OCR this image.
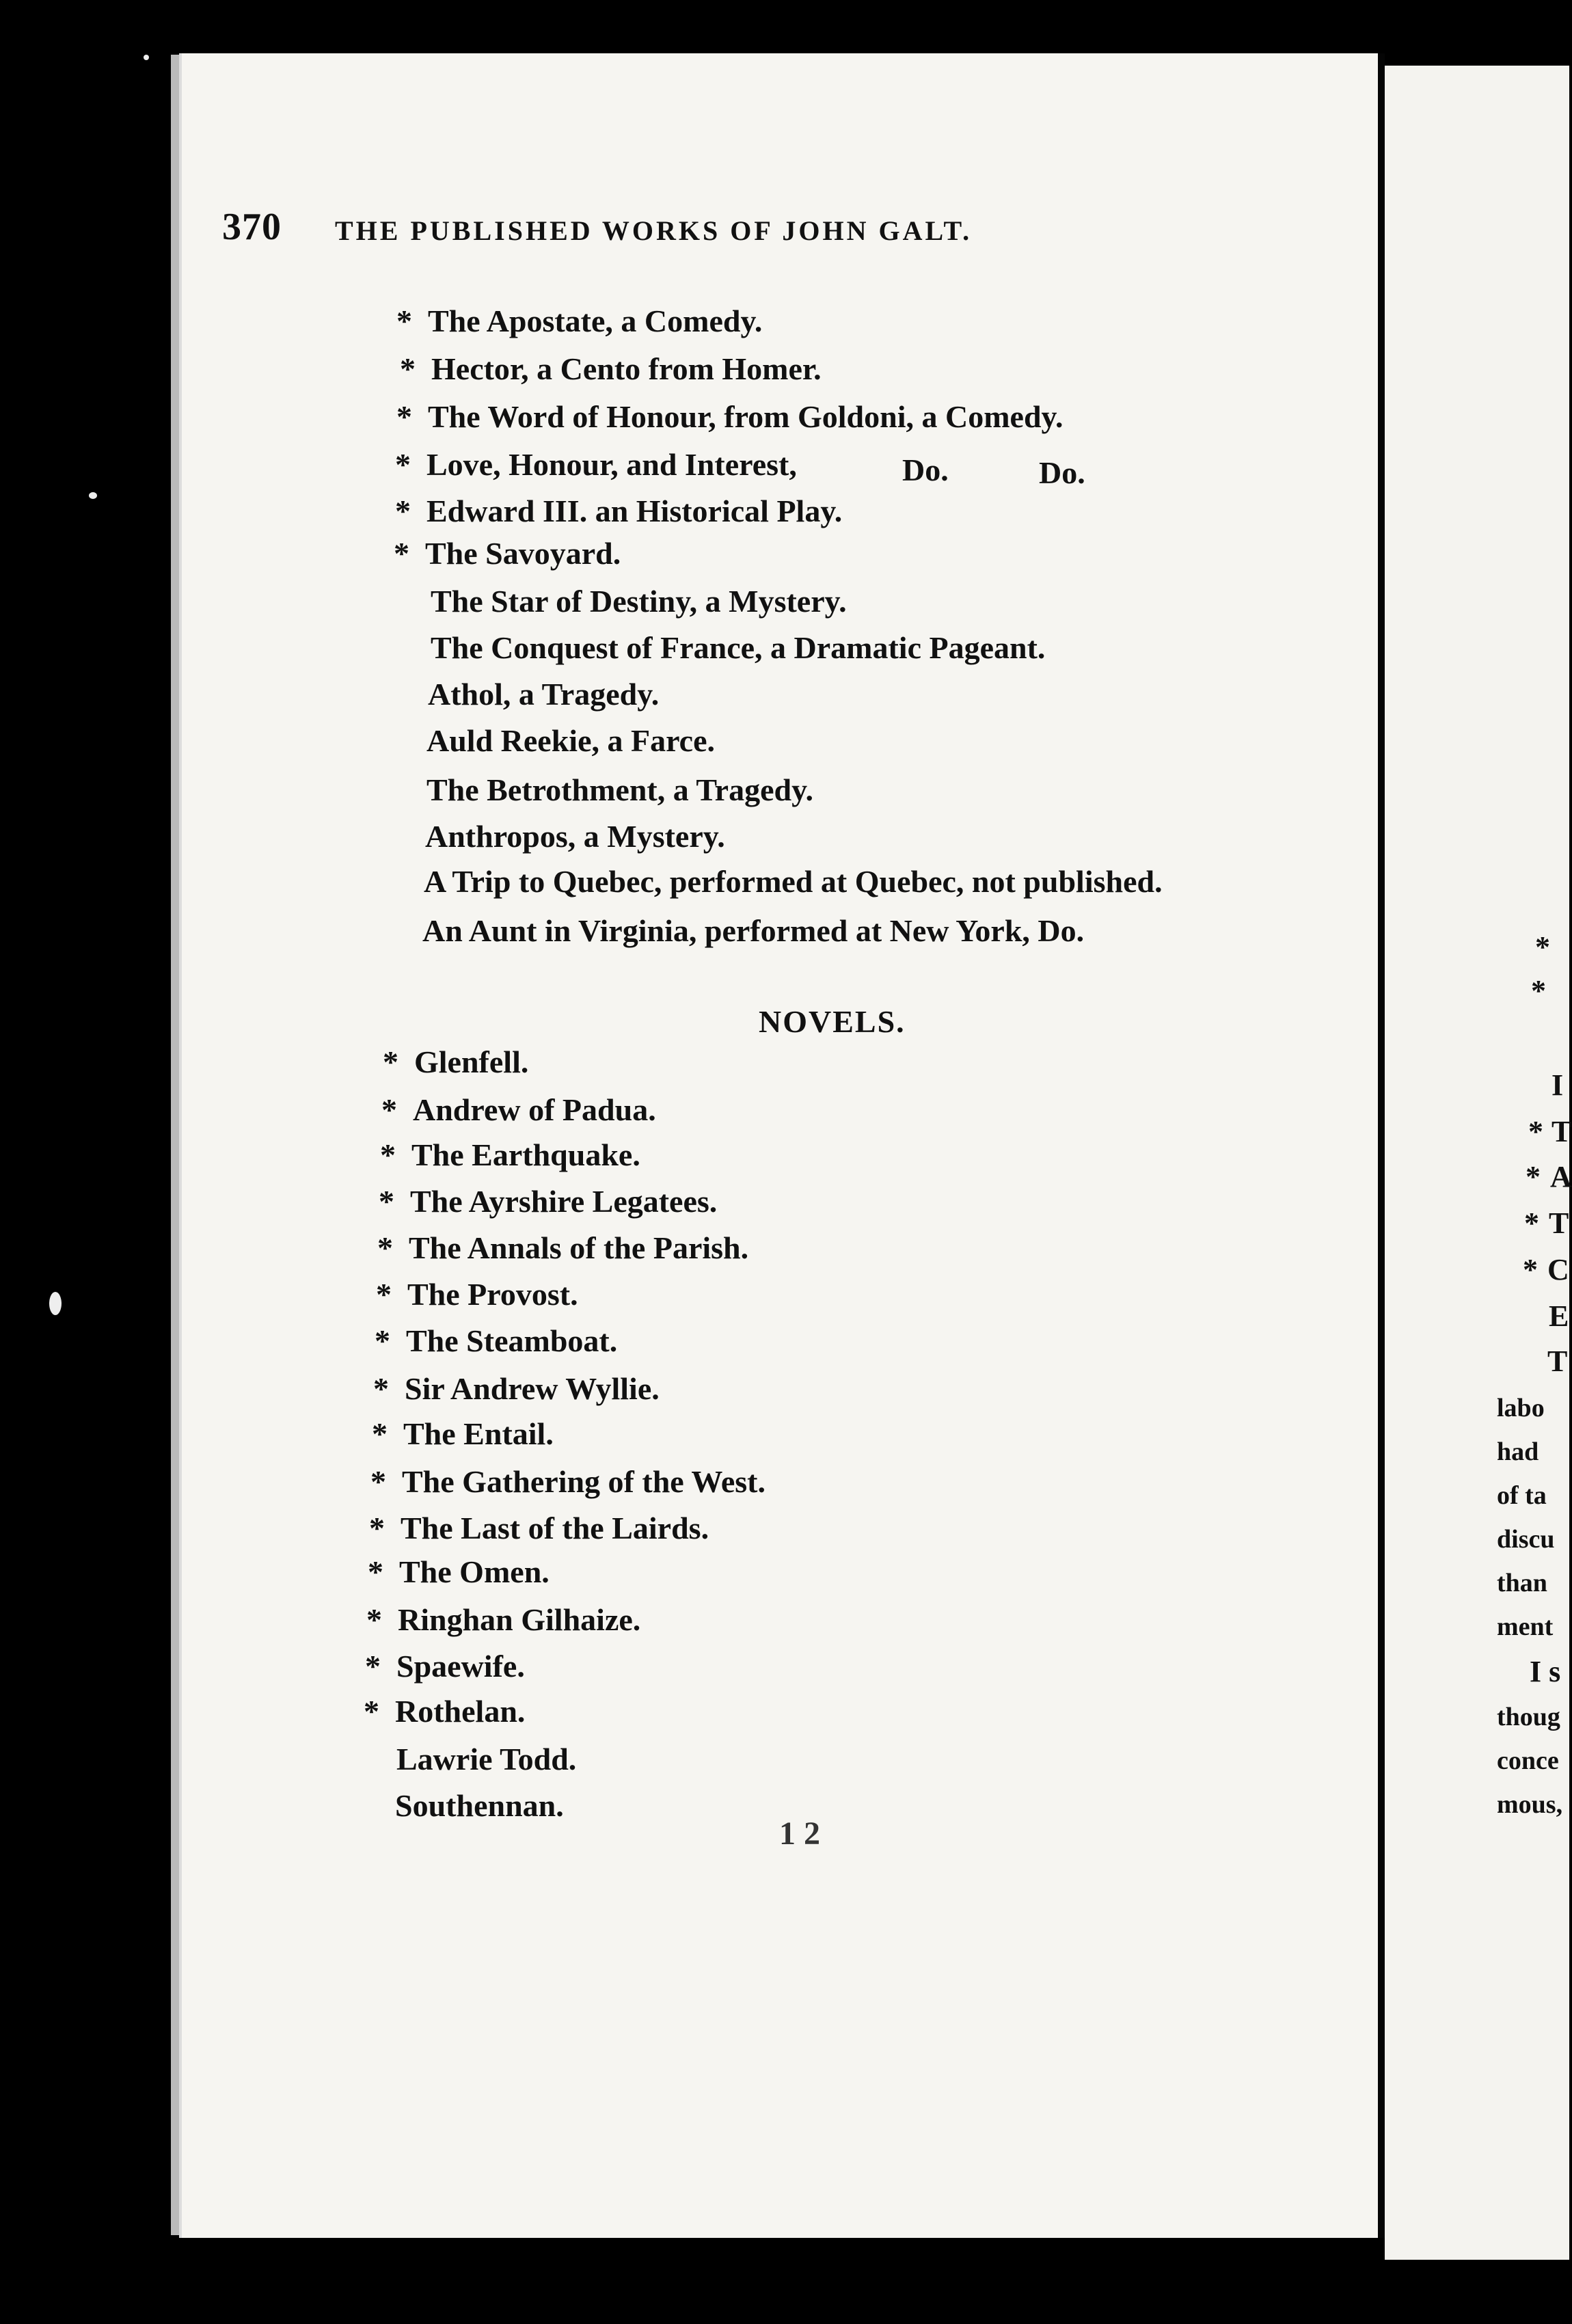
370 THE PUBLISHED WORKS OF JOHN GALT.
* The Apostate, a Comedy.
* Hector, a Cento from Homer.
* The Word of Honour, from Goldoni, a Comedy.
* Love, Honour, and Interest,	Do.	Do.
* Edward III. an Historical Play.
* The Savoyard.
The Star of Destiny, a Mystery.
The Conquest of France, a Dramatic Pageant.
Athol, a Tragedy.
Auld Reekie, a Farce.
The Betrothment, a Tragedy.
Anthropos, a Mystery.
A Trip to Quebec, performed at Quebec, not published.
An Aunt in Virginia, performed at New York, Do.
NOVELS.
* Glenfell.
* Andrew of Padua.
* The Earthquake.
* The Ayrshire Legatees.
* The Annals of the Parish.
* The Provost.
* The Steamboat.
* Sir Andrew Wyllie.
* The Entail.
* The Gathering of the West.
* The Last of the Lairds.
* The Omen.
* Ringhan Gilhaize.
* Spaewife.
* Rothelan.
Lawrie Todd.
Southennan.
1 2
*
*
I
* T
* A
* T
* C
E
T
labo
had
of ta
discu
than
ment
I s
thoug
conce
mous,
